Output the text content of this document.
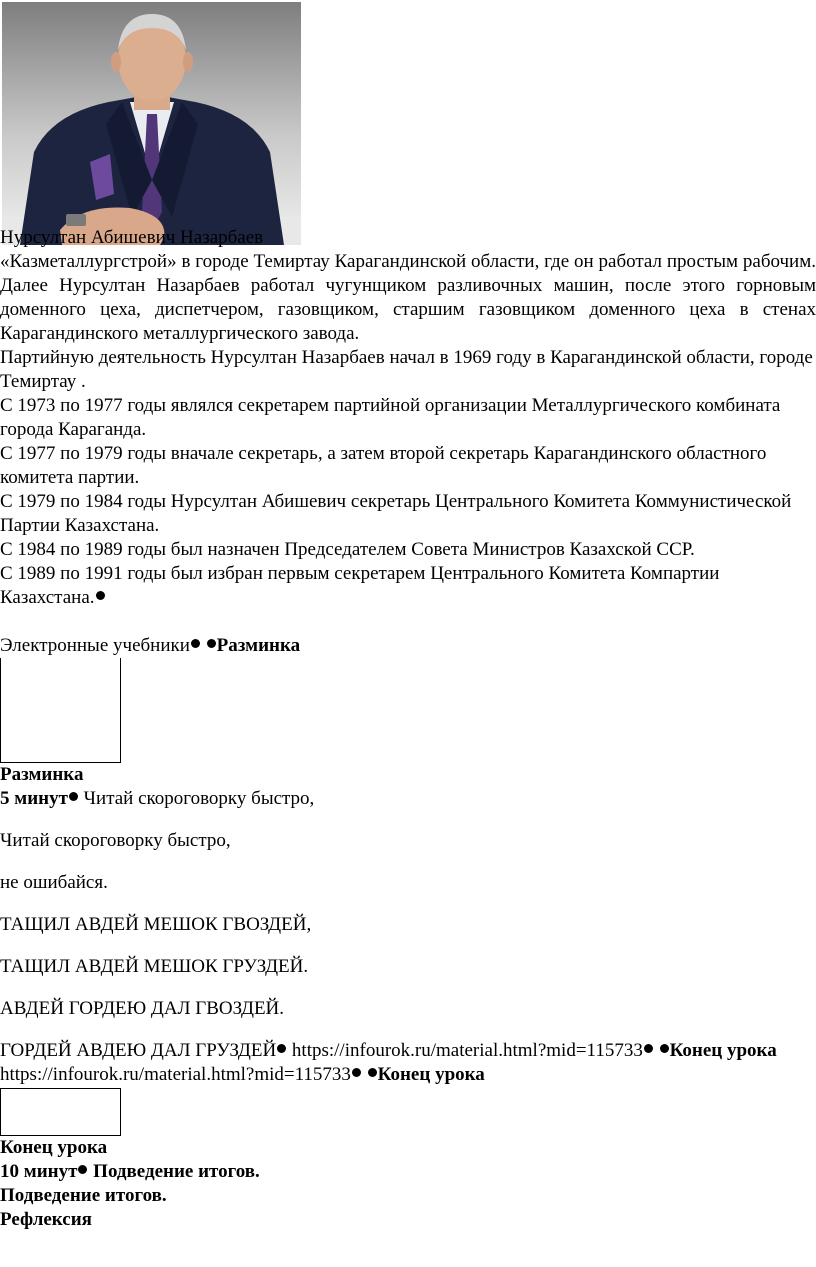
Нурсултан Абишевич Назарбаев

«Казметаллургстрой» в городе Темиртау Карагандинской области, где он работал простым рабочим. Далее Нурсултан Назарбаев работал чугунщиком разливочных машин, после этого горновым доменного цеха, диспетчером, газовщиком, старшим газовщиком доменного цеха в стенах Карагандинского металлургического завода.

Партийную деятельность Нурсултан Назарбаев начал в 1969 году в Карагандинской области, городе Темиртау .

С 1973 по 1977 годы являлся секретарем партийной организации Металлургического комбината города Караганда.

С 1977 по 1979 годы вначале секретарь, а затем второй секретарь Карагандинского областного комитета партии.

С 1979 по 1984 годы Нурсултан Абишевич секретарь Центрального Комитета Коммунистической Партии Казахстана.

С 1984 по 1989 годы был назначен Председателем Совета Министров Казахской ССР.

С 1989 по 1991 годы был избран первым секретарем Центрального Комитета Компартии Казахстана.

Электронные учебники Разминка

Разминка

5 минут Читай скороговорку быстро,

Читай скороговорку быстро,

не ошибайся.

ТАЩИЛ АВДЕЙ МЕШОК ГВОЗДЕЙ,

ТАЩИЛ АВДЕЙ МЕШОК ГРУЗДЕЙ.

АВДЕЙ ГОРДЕЮ ДАЛ ГВОЗДЕЙ.

ГОРДЕЙ АВДЕЮ ДАЛ ГРУЗДЕЙ https://infourok.ru/material.html?mid=115733 Конец урока

https://infourok.ru/material.html?mid=115733 Конец урока

Конец урока

10 минут Подведение итогов.

Подведение итогов.

Рефлексия
